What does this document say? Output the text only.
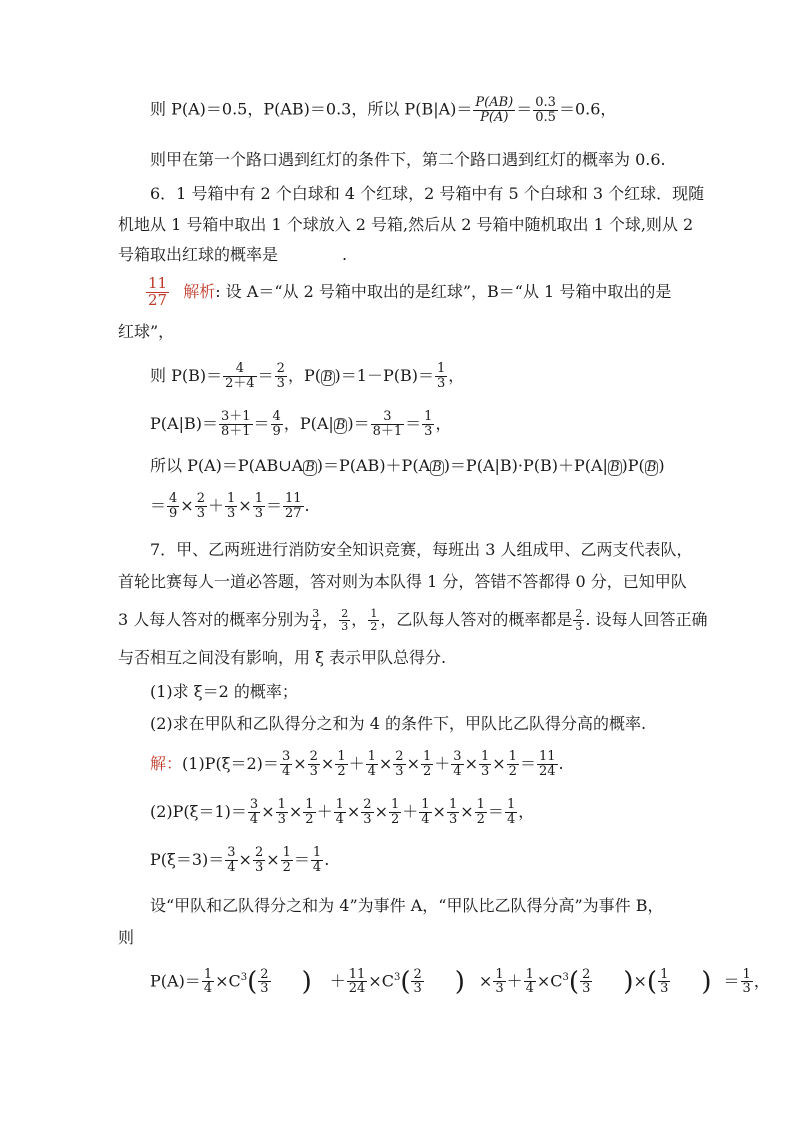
则 P(A)＝0.5，P(AB)＝0.3，所以 $P(B|A)= \frac{P(AB)}{P(A)} = \frac{0.3}{0.5} =0.6$，
则甲在第一个路口遇到红灯的条件下，第二个路口遇到红灯的概率为 0.6.
6．1 号箱中有 2 个白球和 4 个红球，2 号箱中有 5 个白球和 3 个红球．现随
机地从 1 号箱中取出 1 个球放入 2 号箱,然后从 2 号箱中随机取出 1 个球,则从 2
号箱取出红球的概率是	.
$\frac{11}{27}$ 解析: 设 A＝“从 2 号箱中取出的是红球”，B＝“从 1 号箱中取出的是
红球”，
则 $P(B)= \frac{4}{2+4} = \frac{2}{3}$ ，P( B )$=1-P(B)= \frac{1}{3}$ ，
$P(A|B)= \frac{3+1}{8+1} = \frac{4}{9}$ ，P(A| B )＝ $\frac{3}{8+1} = \frac{1}{3}$ ，
所以 P(A)＝P(AB∪A B )＝P(AB)＋P(A B )＝P(A|B)·P(B)＋P(A| B )P( B )
＝ $\frac{4}{9} \times \frac{2}{3} + \frac{1}{3} \times \frac{1}{3} = \frac{11}{27}$ .
7．甲、乙两班进行消防安全知识竞赛，每班出 3 人组成甲、乙两支代表队，
首轮比赛每人一道必答题，答对则为本队得 1 分，答错不答都得 0 分，已知甲队
3 人每人答对的概率分别为 $\frac{3}{4}$ ， $\frac{2}{3}$ ， $\frac{1}{2}$ ，乙队每人答对的概率都是 $\frac{2}{3}$ . 设每人回答正确
与否相互之间没有影响，用 ξ 表示甲队总得分.
(1)求 ξ＝2 的概率；
(2)求在甲队和乙队得分之和为 4 的条件下，甲队比乙队得分高的概率.
解：$(1)P(\xi=2)= \frac{3}{4} \times \frac{2}{3} \times \frac{1}{2} + \frac{1}{4} \times \frac{2}{3} \times \frac{1}{2} + \frac{3}{4} \times \frac{1}{3} \times \frac{1}{2} = \frac{11}{24}$ .
$(2)P(\xi=1)= \frac{3}{4} \times \frac{1}{3} \times \frac{1}{2} + \frac{1}{4} \times \frac{2}{3} \times \frac{1}{2} + \frac{1}{4} \times \frac{1}{3} \times \frac{1}{2} = \frac{1}{4}$ ，
$P(\xi=3)= \frac{3}{4} \times \frac{2}{3} \times \frac{1}{2} = \frac{1}{4}$ .
设“甲队和乙队得分之和为 4”为事件 A，“甲队比乙队得分高”为事件 B，
则
$P(A)= \frac{1}{4} \times C^3( \frac{2}{3}$ ) ＋ $\frac{11}{24} \times C^3( \frac{2}{3}$ ) × $\frac{1}{3} + \frac{1}{4} \times C^3( \frac{2}{3}$ )×( $\frac{1}{3}$ ) ＝ $\frac{1}{3}$ ，
